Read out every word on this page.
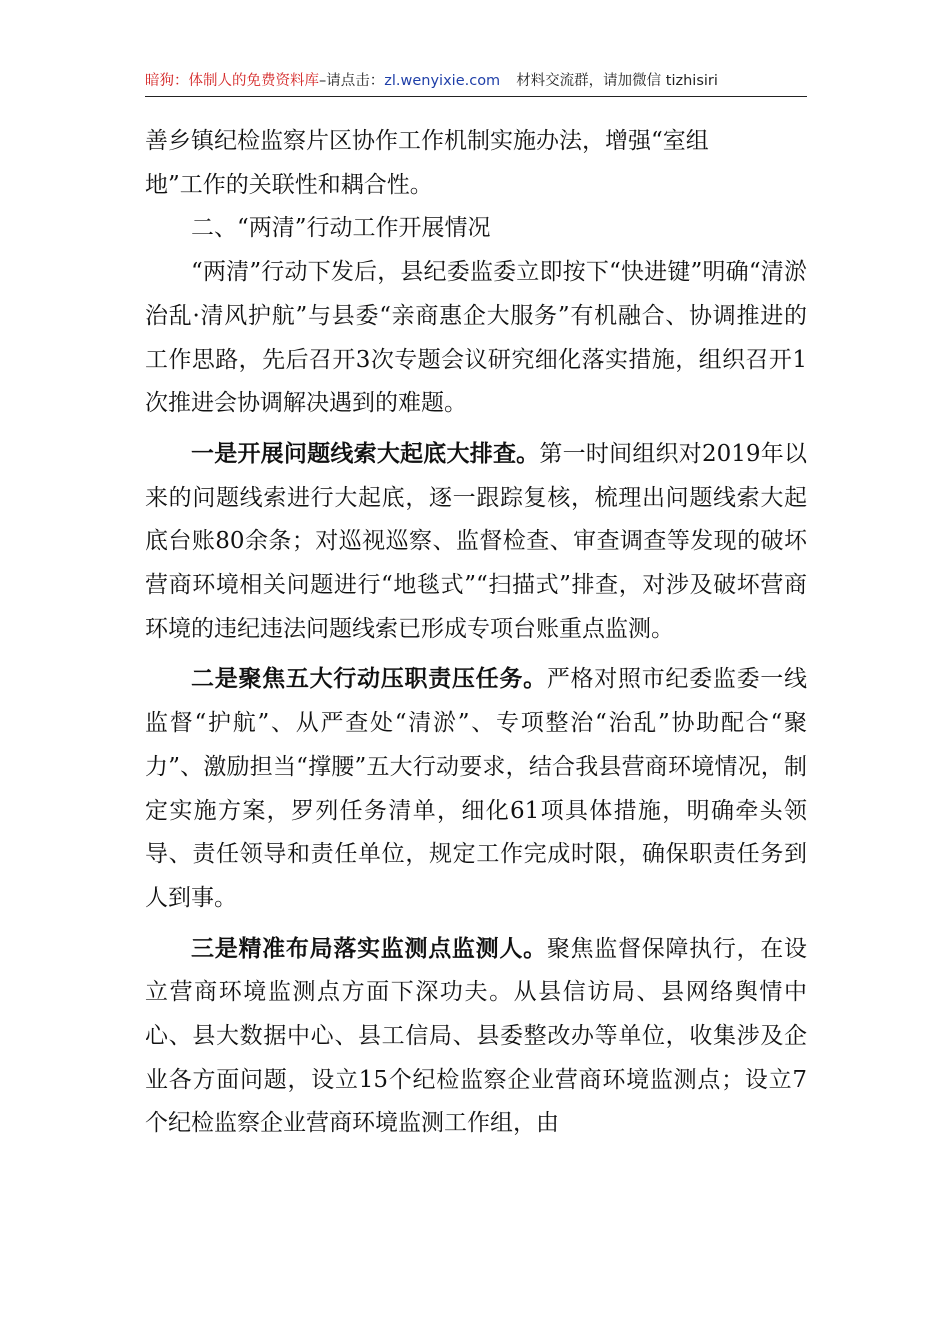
暗狗：体制人的免费资料库–请点击：zl.wenyixie.com 材料交流群，请加微信 tizhisiri

善乡镇纪检监察片区协作工作机制实施办法，增强“室组

地”工作的关联性和耦合性。

二、“两清”行动工作开展情况

“两清”行动下发后，县纪委监委立即按下“快进键”明确“清淤治乱·清风护航”与县委“亲商惠企大服务”有机融合、协调推进的工作思路，先后召开3次专题会议研究细化落实措施，组织召开1次推进会协调解决遇到的难题。

一是开展问题线索大起底大排查。第一时间组织对2019年以来的问题线索进行大起底，逐一跟踪复核，梳理出问题线索大起底台账80余条；对巡视巡察、监督检查、审查调查等发现的破坏营商环境相关问题进行“地毯式”“扫描式”排查，对涉及破坏营商环境的违纪违法问题线索已形成专项台账重点监测。

二是聚焦五大行动压职责压任务。严格对照市纪委监委一线监督“护航”、从严查处“清淤”、专项整治“治乱”协助配合“聚力”、激励担当“撑腰”五大行动要求，结合我县营商环境情况，制定实施方案，罗列任务清单，细化61项具体措施，明确牵头领导、责任领导和责任单位，规定工作完成时限，确保职责任务到人到事。

三是精准布局落实监测点监测人。聚焦监督保障执行，在设立营商环境监测点方面下深功夫。从县信访局、县网络舆情中心、县大数据中心、县工信局、县委整改办等单位，收集涉及企业各方面问题，设立15个纪检监察企业营商环境监测点；设立7个纪检监察企业营商环境监测工作组，由
